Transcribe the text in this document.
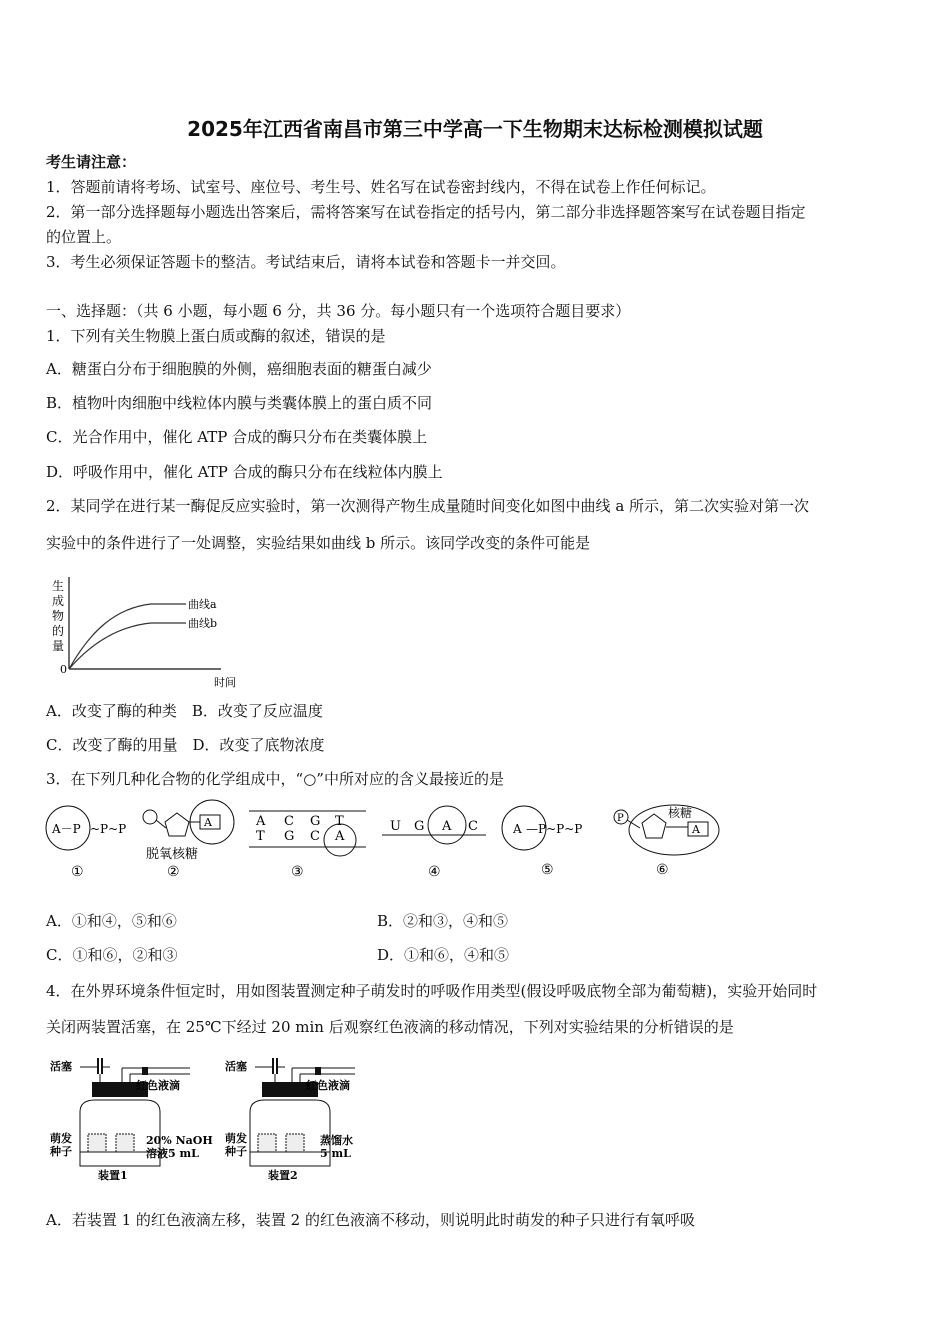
2025年江西省南昌市第三中学高一下生物期末达标检测模拟试题
考生请注意：
1．答题前请将考场、试室号、座位号、考生号、姓名写在试卷密封线内，不得在试卷上作任何标记。
2．第一部分选择题每小题选出答案后，需将答案写在试卷指定的括号内，第二部分非选择题答案写在试卷题目指定
的位置上。
3．考生必须保证答题卡的整洁。考试结束后，请将本试卷和答题卡一并交回。
一、选择题：（共 6 小题，每小题 6 分，共 36 分。每小题只有一个选项符合题目要求）
1．下列有关生物膜上蛋白质或酶的叙述，错误的是
A．糖蛋白分布于细胞膜的外侧，癌细胞表面的糖蛋白减少
B．植物叶肉细胞中线粒体内膜与类囊体膜上的蛋白质不同
C．光合作用中，催化 ATP 合成的酶只分布在类囊体膜上
D．呼吸作用中，催化 ATP 合成的酶只分布在线粒体内膜上
2．某同学在进行某一酶促反应实验时，第一次测得产物生成量随时间变化如图中曲线 a 所示，第二次实验对第一次
实验中的条件进行了一处调整，实验结果如曲线 b 所示。该同学改变的条件可能是
生
成
物
的
量
0
曲线a
曲线b
时间
A．改变了酶的种类　B．改变了反应温度
C．改变了酶的用量　D．改变了底物浓度
3．在下列几种化合物的化学组成中，“○”中所对应的含义最接近的是
A－P ~P~P	A
脱氧核糖
A C G T
T G C A
U G A C	A —P~P~P
P
A
核糖
①	②	③	④	⑤	⑥
A．①和④，⑤和⑥	B．②和③，④和⑤
C．①和⑥，②和③	D．①和⑥，④和⑤
4．在外界环境条件恒定时，用如图装置测定种子萌发时的呼吸作用类型(假设呼吸底物全部为葡萄糖)，实验开始同时
关闭两装置活塞，在 25℃下经过 20 min 后观察红色液滴的移动情况，下列对实验结果的分析错误的是
活塞
红色液滴
萌发
种子
20% NaOH
溶液5 mL
装置1
活塞
红色液滴
萌发
种子
蒸馏水
5 mL
装置2
A．若装置 1 的红色液滴左移，装置 2 的红色液滴不移动，则说明此时萌发的种子只进行有氧呼吸
